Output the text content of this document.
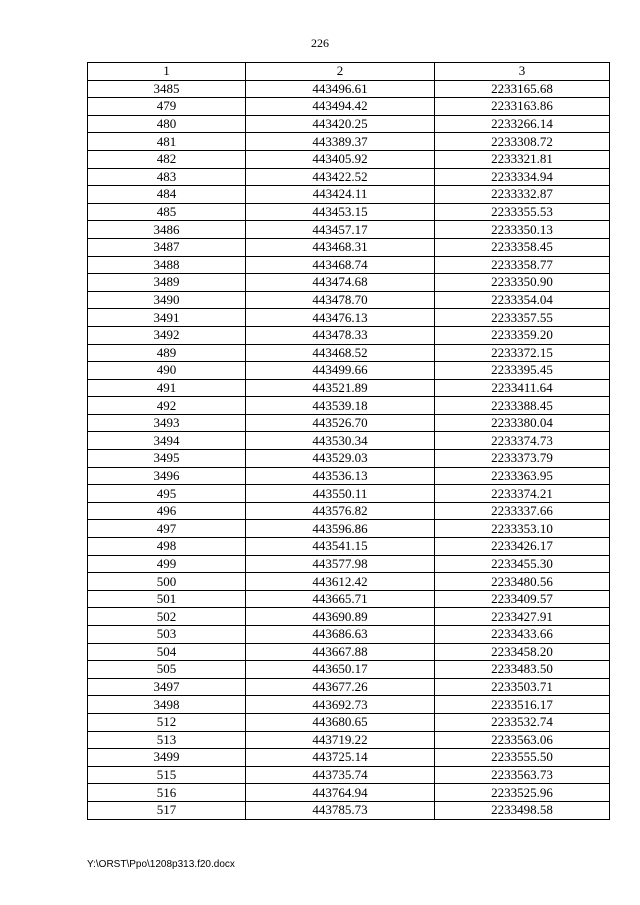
226
1	2	3
3485	443496.61	2233165.68
479	443494.42	2233163.86
480	443420.25	2233266.14
481	443389.37	2233308.72
482	443405.92	2233321.81
483	443422.52	2233334.94
484	443424.11	2233332.87
485	443453.15	2233355.53
3486	443457.17	2233350.13
3487	443468.31	2233358.45
3488	443468.74	2233358.77
3489	443474.68	2233350.90
3490	443478.70	2233354.04
3491	443476.13	2233357.55
3492	443478.33	2233359.20
489	443468.52	2233372.15
490	443499.66	2233395.45
491	443521.89	2233411.64
492	443539.18	2233388.45
3493	443526.70	2233380.04
3494	443530.34	2233374.73
3495	443529.03	2233373.79
3496	443536.13	2233363.95
495	443550.11	2233374.21
496	443576.82	2233337.66
497	443596.86	2233353.10
498	443541.15	2233426.17
499	443577.98	2233455.30
500	443612.42	2233480.56
501	443665.71	2233409.57
502	443690.89	2233427.91
503	443686.63	2233433.66
504	443667.88	2233458.20
505	443650.17	2233483.50
3497	443677.26	2233503.71
3498	443692.73	2233516.17
512	443680.65	2233532.74
513	443719.22	2233563.06
3499	443725.14	2233555.50
515	443735.74	2233563.73
516	443764.94	2233525.96
517	443785.73	2233498.58
Y:\ORST\Ppo\1208p313.f20.docx
